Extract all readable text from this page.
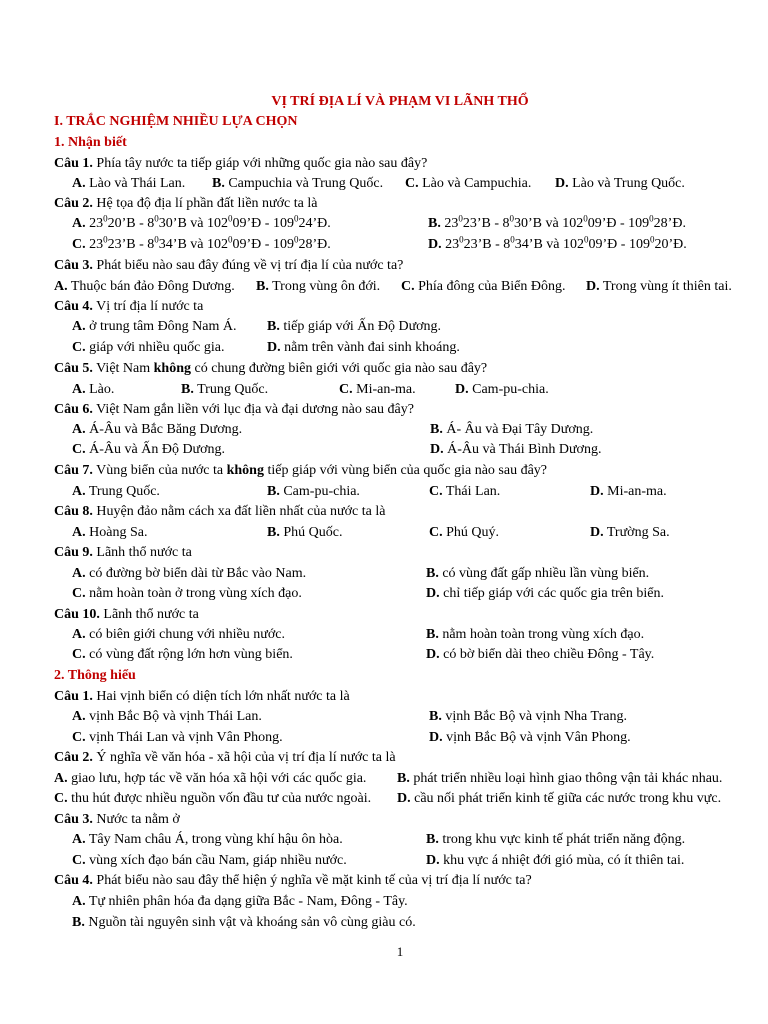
VỊ TRÍ ĐỊA LÍ VÀ PHẠM VI LÃNH THỔ
I. TRẮC NGHIỆM NHIỀU LỰA CHỌN
1. Nhận biết
Câu 1. Phía tây nước ta tiếp giáp với những quốc gia nào sau đây?
A. Lào và Thái Lan. B. Campuchia và Trung Quốc. C. Lào và Campuchia. D. Lào và Trung Quốc.
Câu 2. Hệ tọa độ địa lí phần đất liền nước ta là
A. $23^020’B$ - $8^030’B$ và $102^009’Đ$ - $109^024’Đ$.	B. $23^023’B$ - $8^030’B$ và $102^009’Đ$ - $109^028’Đ$.
C. $23^023’B$ - $8^034’B$ và $102^009’Đ$ - $109^028’Đ$.	D. $23^023’B$ - $8^034’B$ và $102^009’Đ$ - $109^020’Đ$.
Câu 3. Phát biểu nào sau đây đúng về vị trí địa lí của nước ta?
A. Thuộc bán đảo Đông Dương. B. Trong vùng ôn đới. C. Phía đông của Biển Đông. D. Trong vùng ít thiên tai.
Câu 4. Vị trí địa lí nước ta
A. ở trung tâm Đông Nam Á. B. tiếp giáp với Ấn Độ Dương.
C. giáp với nhiều quốc gia.	D. nằm trên vành đai sinh khoáng.
Câu 5. Việt Nam không có chung đường biên giới với quốc gia nào sau đây?
A. Lào.	B. Trung Quốc.	C. Mi-an-ma.	D. Cam-pu-chia.
Câu 6. Việt Nam gắn liền với lục địa và đại dương nào sau đây?
A. Á-Âu và Bắc Băng Dương.	B. Á- Âu và Đại Tây Dương.
C. Á-Âu và Ấn Độ Dương.	D. Á-Âu và Thái Bình Dương.
Câu 7. Vùng biển của nước ta không tiếp giáp với vùng biển của quốc gia nào sau đây?
A. Trung Quốc.	B. Cam-pu-chia.	C. Thái Lan.	D. Mi-an-ma.
Câu 8. Huyện đảo nằm cách xa đất liền nhất của nước ta là
A. Hoàng Sa.	B. Phú Quốc.	C. Phú Quý.	D. Trường Sa.
Câu 9. Lãnh thổ nước ta
A. có đường bờ biển dài từ Bắc vào Nam.	B. có vùng đất gấp nhiều lần vùng biển.
C. nằm hoàn toàn ở trong vùng xích đạo.	D. chỉ tiếp giáp với các quốc gia trên biển.
Câu 10. Lãnh thổ nước ta
A. có biên giới chung với nhiều nước.	B. nằm hoàn toàn trong vùng xích đạo.
C. có vùng đất rộng lớn hơn vùng biển.	D. có bờ biển dài theo chiều Đông - Tây.
2. Thông hiểu
Câu 1. Hai vịnh biển có diện tích lớn nhất nước ta là
A. vịnh Bắc Bộ và vịnh Thái Lan.	B. vịnh Bắc Bộ và vịnh Nha Trang.
C. vịnh Thái Lan và vịnh Vân Phong.	D. vịnh Bắc Bộ và vịnh Vân Phong.
Câu 2. Ý nghĩa về văn hóa - xã hội của vị trí địa lí nước ta là
A. giao lưu, hợp tác về văn hóa xã hội với các quốc gia. B. phát triển nhiều loại hình giao thông vận tải khác nhau.
C. thu hút được nhiều nguồn vốn đầu tư của nước ngoài. D. cầu nối phát triển kinh tế giữa các nước trong khu vực.
Câu 3. Nước ta nằm ở
A. Tây Nam châu Á, trong vùng khí hậu ôn hòa.	B. trong khu vực kinh tế phát triển năng động.
C. vùng xích đạo bán cầu Nam, giáp nhiều nước.	D. khu vực á nhiệt đới gió mùa, có ít thiên tai.
Câu 4. Phát biểu nào sau đây thể hiện ý nghĩa về mặt kinh tế của vị trí địa lí nước ta?
A. Tự nhiên phân hóa đa dạng giữa Bắc - Nam, Đông - Tây.
B. Nguồn tài nguyên sinh vật và khoáng sản vô cùng giàu có.
1
